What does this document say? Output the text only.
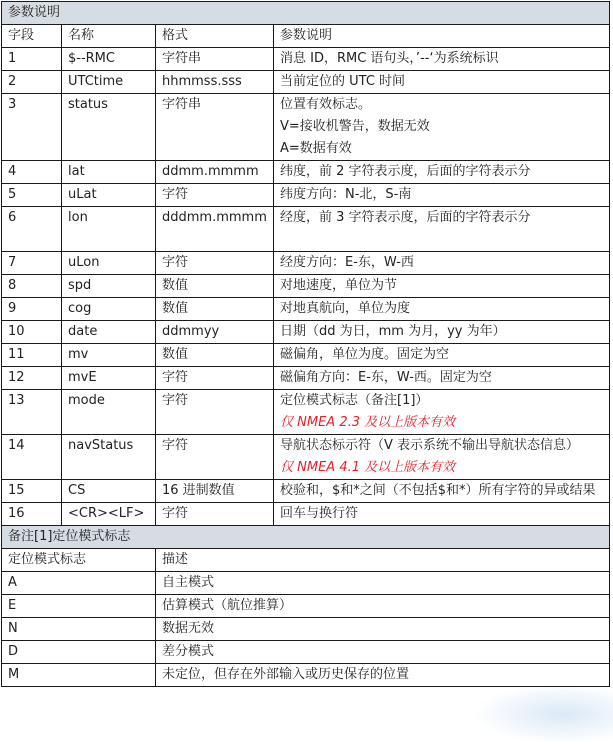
参数说明			
字段	名称	格式	参数说明
1	$--RMC	字符串	消息 ID，RMC 语句头，’--‘为系统标识

2	UTCtime	hhmmss.sss	当前定位的 UTC 时间

3	status	字符串	位置有效标志。
V=接收机警告，数据无效
A=数据有效

4	lat	ddmm.mmmm	纬度，前 2 字符表示度，后面的字符表示分

5	uLat	字符	纬度方向：N-北，S-南

6	lon	dddmm.mmmm	经度，前 3 字符表示度，后面的字符表示分

7	uLon	字符	经度方向：E-东，W-西

8	spd	数值	对地速度，单位为节

9	cog	数值	对地真航向，单位为度

10	date	ddmmyy	日期（dd 为日，mm 为月，yy 为年）

11	mv	数值	磁偏角，单位为度。固定为空

12	mvE	字符	磁偏角方向：E-东，W-西。固定为空

13	mode	字符	定位模式标志（备注[1]）
仅 NMEA 2.3 及以上版本有效

14	navStatus	字符	导航状态标示符（V 表示系统不输出导航状态信息）
仅 NMEA 4.1 及以上版本有效

15	CS	16 进制数值	校验和，$和*之间（不包括$和*）所有字符的异或结果

16	<CR><LF>	字符	回车与换行符

备注[1]定位模式标志			
定位模式标志		描述	
A		自主模式	
E		估算模式（航位推算）	
N		数据无效	
D		差分模式	
M		未定位，但存在外部输入或历史保存的位置	
